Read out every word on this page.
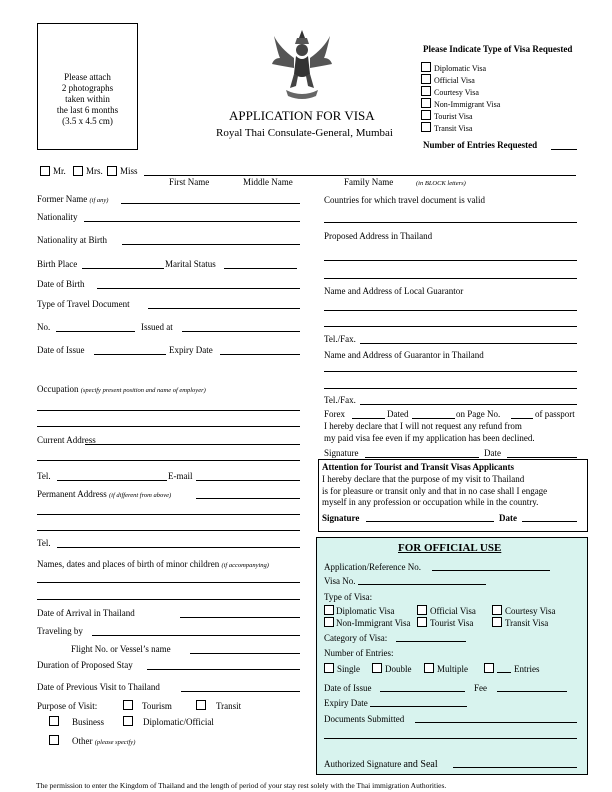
Please attach
2 photographs
taken within
the last 6 months
(3.5 x 4.5 cm)	APPLICATION FOR VISA
Royal Thai Consulate-General, Mumbai
Please Indicate Type of Visa Requested
Diplomatic Visa
Official Visa
Courtesy Visa
Non-Immigrant Visa
Tourist Visa
Transit Visa
Number of Entries Requested
Mr. Mrs. Miss
First Name	Middle Name	Family Name	(in BLOCK letters)
Former Name (if any)
Nationality
Nationality at Birth
Birth Place	Marital Status
Date of Birth
Type of Travel Document
No.	Issued at
Date of Issue	Expiry Date
Occupation (specify present position and name of employer)
Current Address
Tel.	E-mail
Permanent Address (if different from above)
Tel.
Names, dates and places of birth of minor children (if accompanying)
Date of Arrival in Thailand
Traveling by
Flight No. or Vessel’s name
Duration of Proposed Stay
Date of Previous Visit to Thailand
Purpose of Visit:	Tourism	Transit
Business	Diplomatic/Official
Other (please specify)
Countries for which travel document is valid
Proposed Address in Thailand
Name and Address of Local Guarantor
Tel./Fax.
Name and Address of Guarantor in Thailand
Tel./Fax.
Forex	Dated	on Page No.	of passport
I hereby declare that I will not request any refund from
my paid visa fee even if my application has been declined.
Signature	Date
Attention for Tourist and Transit Visas Applicants
I hereby declare that the purpose of my visit to Thailand
is for pleasure or transit only and that in no case shall I engage
myself in any profession or occupation while in the country.
Signature	Date
FOR OFFICIAL USE
Application/Reference No.
Visa No.
Type of Visa:
Diplomatic Visa	Official Visa	Courtesy Visa
Non-Immigrant Visa Tourist Visa	Transit Visa
Category of Visa:
Number of Entries:
Single	Double	Multiple	Entries
Date of Issue	Fee
Expiry Date
Documents Submitted
Authorized Signature and Seal
The permission to enter the Kingdom of Thailand and the length of period of your stay rest solely with the Thai immigration Authorities.
